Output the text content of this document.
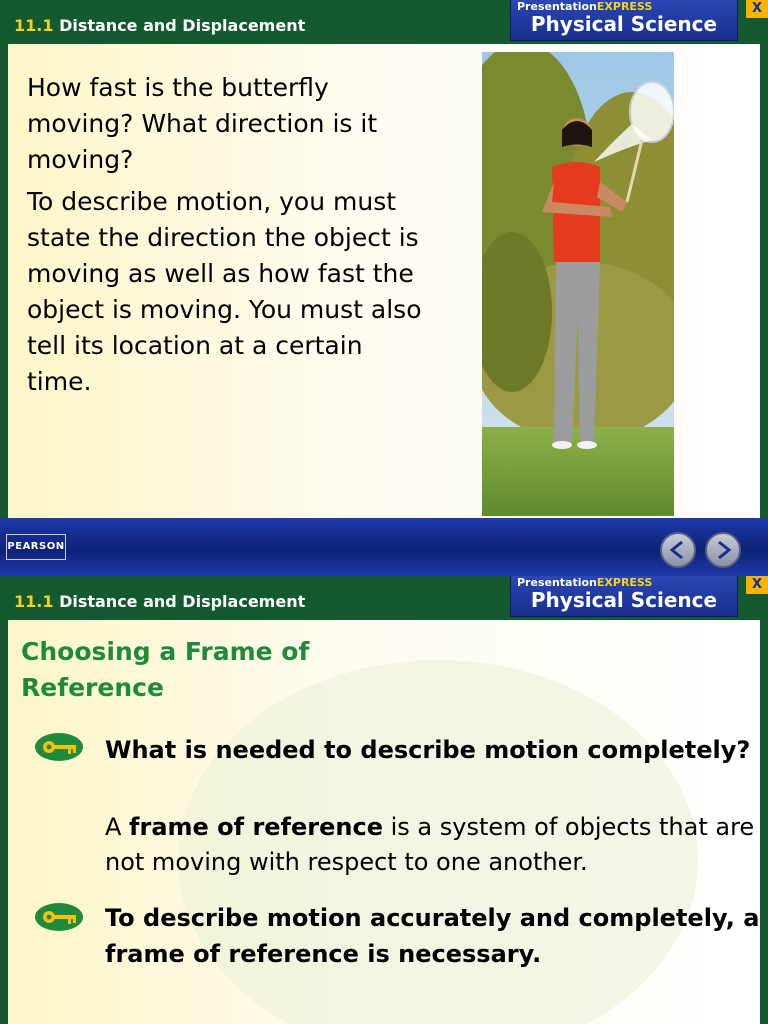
11.1 Distance and Displacement
PresentationEXPRESS
Physical Science
X
How fast is the butterfly moving? What direction is it moving?
To describe motion, you must state the direction the object is moving as well as how fast the object is moving. You must also tell its location at a certain time.
PEARSON
11.1 Distance and Displacement
PresentationEXPRESS
Physical Science
X
Choosing a Frame of Reference
What is needed to describe motion completely?
A frame of reference is a system of objects that are not moving with respect to one another.
To describe motion accurately and completely, a frame of reference is necessary.
